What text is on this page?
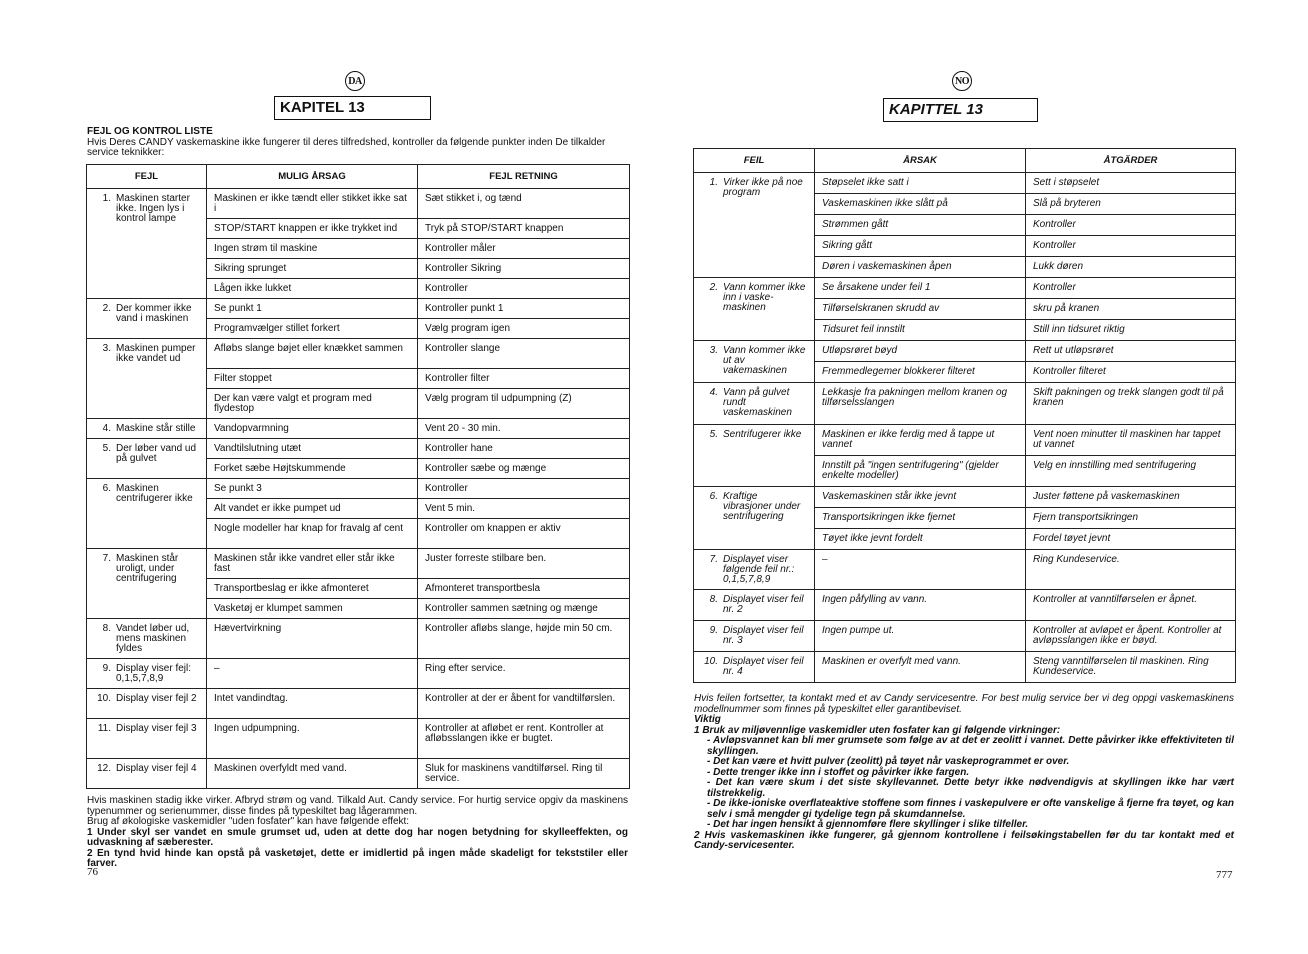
DA
KAPITEL 13
FEJL OG KONTROL LISTE
Hvis Deres CANDY vaskemaskine ikke fungerer til deres tilfredshed, kontroller da følgende punkter inden De tilkalder service teknikker:
FEJL	MULIG ÅRSAG	FEJL RETNING

1. Maskinen starter ikke. Ingen lys i kontrol lampe	Maskinen er ikke tændt eller stikket ikke sat i	Sæt stikket i, og tænd
	STOP/START knappen er ikke trykket ind	Tryk på STOP/START knappen
	Ingen strøm til maskine	Kontroller måler
	Sikring sprunget	Kontroller Sikring
	Lågen ikke lukket	Kontroller

2. Der kommer ikke vand i maskinen	Se punkt 1	Kontroller punkt 1
	Programvælger stillet forkert	Vælg program igen

3. Maskinen pumper ikke vandet ud	Afløbs slange bøjet eller knækket sammen	Kontroller slange
	Filter stoppet	Kontroller filter
	Der kan være valgt et program med flydestop	Vælg program til udpumpning (Z)

4. Maskine står stille	Vandopvarmning	Vent 20 - 30 min.

5. Der løber vand ud på gulvet	Vandtilslutning utæt	Kontroller hane
	Forket sæbe Højtskummende	Kontroller sæbe og mænge

6. Maskinen centrifugerer ikke	Se punkt 3	Kontroller
	Alt vandet er ikke pumpet ud	Vent 5 min.
	Nogle modeller har knap for fravalg af cent	Kontroller om knappen er aktiv

7. Maskinen står uroligt, under centrifugering	Maskinen står ikke vandret eller står ikke fast	Juster forreste stilbare ben.
	Transportbeslag er ikke afmonteret	Afmonteret transportbesla
	Vasketøj er klumpet sammen	Kontroller sammen sætning og mænge

8. Vandet løber ud, mens maskinen fyldes	Hævertvirkning	Kontroller afløbs slange, højde min 50 cm.

9. Display viser fejl: 0,1,5,7,8,9	–	Ring efter service.

10. Display viser fejl 2	Intet vandindtag.	Kontroller at der er åbent for vandtilførslen.

11. Display viser fejl 3	Ingen udpumpning.	Kontroller at afløbet er rent. Kontroller at afløbsslangen ikke er bugtet.

12. Display viser fejl 4	Maskinen overfyldt med vand.	Sluk for maskinens vandtilførsel. Ring til service.
Hvis maskinen stadig ikke virker. Afbryd strøm og vand. Tilkald Aut. Candy service. For hurtig service opgiv da maskinens typenummer og serienummer, disse findes på typeskiltet bag lågerammen.
Brug af økologiske vaskemidler "uden fosfater" kan have følgende effekt:
1 Under skyl ser vandet en smule grumset ud, uden at dette dog har nogen betydning for skylleeffekten, og udvaskning af sæberester.
2 En tynd hvid hinde kan opstå på vasketøjet, dette er imidlertid på ingen måde skadeligt for tekststiler eller farver.
76
NO
KAPITTEL 13
FEIL	ÅRSAK	ÅTGÄRDER

1. Virker ikke på noe program	Støpselet ikke satt i	Sett i støpselet
	Vaskemaskinen ikke slått på	Slå på bryteren
	Strømmen gått	Kontroller
	Sikring gått	Kontroller
	Døren i vaskemaskinen åpen	Lukk døren

2. Vann kommer ikke inn i vaske-maskinen	Se årsakene under feil 1	Kontroller
	Tilførselskranen skrudd av	skru på kranen
	Tidsuret feil innstilt	Still inn tidsuret riktig

3. Vann kommer ikke ut av vakemaskinen	Utløpsrøret bøyd	Rett ut utløpsrøret
	Fremmedlegemer blokkerer filteret	Kontroller filteret

4. Vann på gulvet rundt vaskemaskinen	Lekkasje fra pakningen mellom kranen og tilførselsslangen	Skift pakningen og trekk slangen godt til på kranen

5. Sentrifugerer ikke	Maskinen er ikke ferdig med å tappe ut vannet	Vent noen minutter til maskinen har tappet ut vannet
	Innstilt på "ingen sentrifugering" (gjelder enkelte modeller)	Velg en innstilling med sentrifugering

6. Kraftige vibrasjoner under sentrifugering	Vaskemaskinen står ikke jevnt	Juster føttene på vaskemaskinen
	Transportsikringen ikke fjernet	Fjern transportsikringen
	Tøyet ikke jevnt fordelt	Fordel tøyet jevnt

7. Displayet viser følgende feil nr.: 0,1,5,7,8,9	–	Ring Kundeservice.

8. Displayet viser feil nr. 2	Ingen påfylling av vann.	Kontroller at vanntilførselen er åpnet.

9. Displayet viser feil nr. 3	Ingen pumpe ut.	Kontroller at avløpet er åpent. Kontroller at avløpsslangen ikke er bøyd.

10. Displayet viser feil nr. 4	Maskinen er overfylt med vann.	Steng vanntilførselen til maskinen. Ring Kundeservice.
Hvis feilen fortsetter, ta kontakt med et av Candy servicesentre. For best mulig service ber vi deg oppgi vaskemaskinens modellnummer som finnes på typeskiltet eller garantibeviset.
Viktig
1 Bruk av miljøvennlige vaskemidler uten fosfater kan gi følgende virkninger:
- Avløpsvannet kan bli mer grumsete som følge av at det er zeolitt i vannet. Dette påvirker ikke effektiviteten til skyllingen.
- Det kan være et hvitt pulver (zeolitt) på tøyet når vaskeprogrammet er over.
- Dette trenger ikke inn i stoffet og påvirker ikke fargen.
- Det kan være skum i det siste skyllevannet. Dette betyr ikke nødvendigvis at skyllingen ikke har vært tilstrekkelig.
- De ikke-ioniske overflateaktive stoffene som finnes i vaskepulvere er ofte vanskelige å fjerne fra tøyet, og kan selv i små mengder gi tydelige tegn på skumdannelse.
- Det har ingen hensikt å gjennomføre flere skyllinger i slike tilfeller.
2 Hvis vaskemaskinen ikke fungerer, gå gjennom kontrollene i feilsøkingstabellen før du tar kontakt med et Candy-servicesenter.
777
